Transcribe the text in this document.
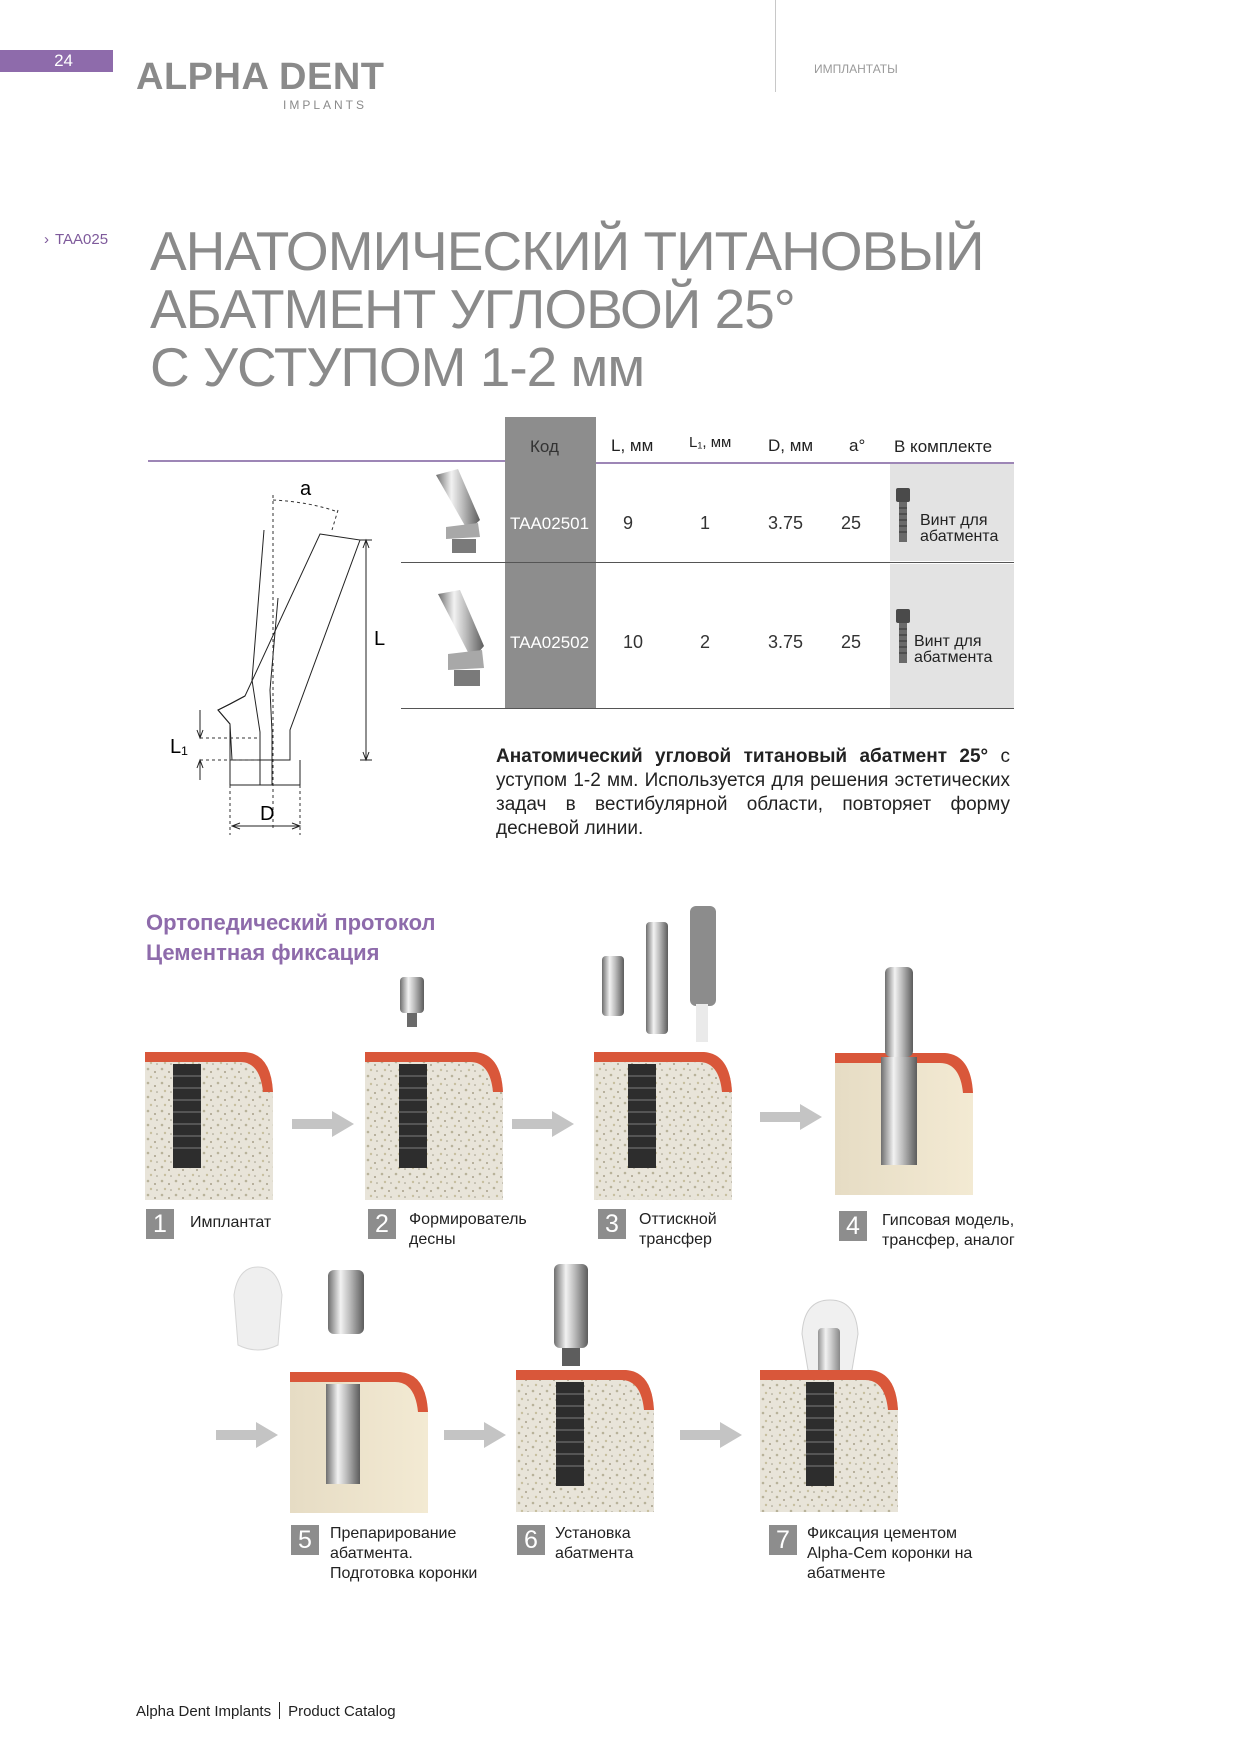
24	ALPHA DENT
IMPLANTS
ИМПЛАНТАТЫ
› TAA025 АНАТОМИЧЕСКИЙ ТИТАНОВЫЙ
АБАТМЕНТ УГЛОВОЙ 25°
С УСТУПОМ 1-2 мм
a
L
L₁
D
Код	L, мм L₁, мм D, мм a° В комплекте
TAA02501 9	1	3.75 25	Винт для
абатмента
TAA02502 10	2	3.75 25	Винт для
абатмента
Анатомический угловой титановый абатмент 25° с уступом 1-2 мм. Используется для решения эстетических задач в вестибулярной области, повторяет форму десневой линии.
Ортопедический протокол
Цементная фиксация
1	Имплантат	2	Формирователь
десны
3	Оттискной
трансфер	4	Гипсовая модель,
трансфер, аналог
5	Препарирование
абатмента.
Подготовка коронки
6	Установка
абатмента	7	Фиксация цементом
Alpha-Cem коронки на
абатменте
Alpha Dent Implants Product Catalog
